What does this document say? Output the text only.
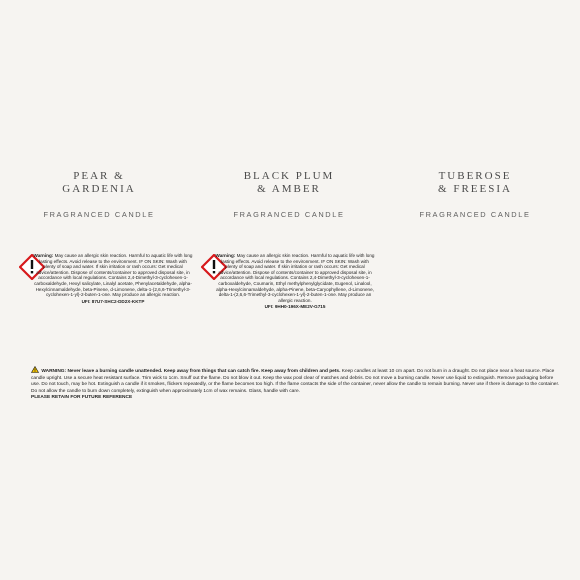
PEAR &
GARDENIA
FRAGRANCED CANDLE
Warning: May cause an allergic skin reaction. Harmful to aquatic life with long lasting effects. Avoid release to the environment. IF ON SKIN: Wash with plenty of soap and water. If skin irritation or rash occurs: Get medical advice/attention. Dispose of contents/container to approved disposal site, in accordance with local regulations. Contains 2,4-Dimethyl-3-cyclohexen-1-carboxaldehyde, Hexyl salicylate, Linalyl acetate, Phenylacetaldehyde, alpha-Hexylcinnamaldehyde, beta-Pinene, d-Limonene, delta-1-(2,6,6-Trimethyl-3-cyclohexen-1-yl)-2-buten-1-one. May produce an allergic reaction.
UFI: 87U7-SHC2-DD2X-KKTP
BLACK PLUM
& AMBER
FRAGRANCED CANDLE
Warning: May cause an allergic skin reaction. Harmful to aquatic life with long lasting effects. Avoid release to the environment. IF ON SKIN: Wash with plenty of soap and water. If skin irritation or rash occurs: Get medical advice/attention. Dispose of contents/container to approved disposal site, in accordance with local regulations. Contains 2,4-Dimethyl-3-cyclohexen-1-carboxaldehyde, Coumarin, Ethyl methylphenylglycidate, Eugenol, Linalool, alpha-Hexylcinnamaldehyde, alpha-Pinene, beta-Caryophyllene, d-Limonene, delta-1-(2,6,6-Trimethyl-3-cyclohexen-1-yl)-2-buten-1-one. May produce an allergic reaction.
UFI: 9HH0-196X-ME2V-G715
TUBEROSE
& FREESIA
FRAGRANCED CANDLE
WARNING: Never leave a burning candle unattended. Keep away from things that can catch fire. Keep away from children and pets. Keep candles at least 10 cm apart. Do not burn in a draught. Do not place near a heat source. Place candle upright. Use a secure heat resistant surface. Trim wick to 1cm. Snuff out the flame. Do not blow it out. Keep the wax pool clear of matches and debris. Do not move a burning candle. Never use liquid to extinguish. Remove packaging before use. Do not touch, may be hot. Extinguish a candle if it smokes, flickers repeatedly, or the flame becomes too high. If the flame contacts the side of the container, never allow the candle to remain burning. Never use if there is damage to the container. Do not allow the candle to burn down completely, extinguish when approximately 1cm of wax remains. Glass, handle with care.
PLEASE RETAIN FOR FUTURE REFERENCE
